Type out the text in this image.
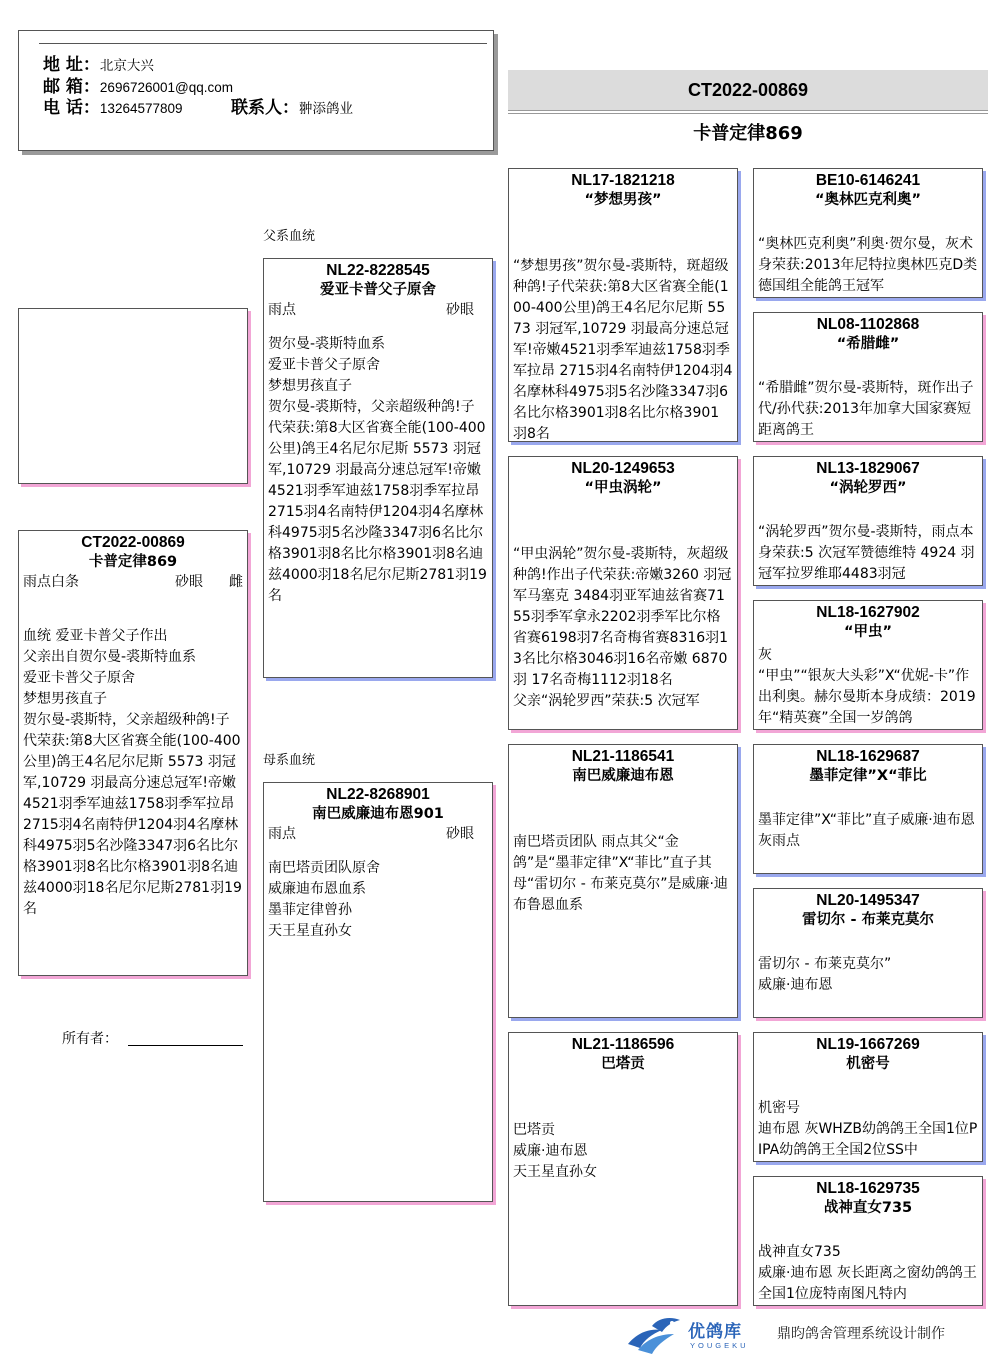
地 址：北京大兴
邮 箱：2696726001@qq.com
电 话：13264577809	联系人：翀添鸽业
CT2022-00869
卡普定律869
CT2022-00869
卡普定律869
雨点白条	砂眼 雌
血统 爱亚卡普父子作出
父亲出自贺尔曼-裘斯特血系
爱亚卡普父子原舍
梦想男孩直子
贺尔曼-裘斯特，父亲超级种鸽!子代荣获:第8大区省赛全能(100-400公里)鸽王4名尼尔尼斯 5573 羽冠军,10729 羽最高分速总冠军!帝嫩4521羽季军迪兹1758羽季军拉昂 2715羽4名南特伊1204羽4名摩林科4975羽5名沙隆3347羽6名比尔格3901羽8名比尔格3901羽8名迪兹4000羽18名尼尔尼斯2781羽19名
所有者：
父系血统
母系血统
NL22-8228545
爱亚卡普父子原舍
雨点	砂眼
贺尔曼-裘斯特血系
爱亚卡普父子原舍
梦想男孩直子
贺尔曼-裘斯特，父亲超级种鸽!子代荣获:第8大区省赛全能(100-400公里)鸽王4名尼尔尼斯 5573 羽冠军,10729 羽最高分速总冠军!帝嫩4521羽季军迪兹1758羽季军拉昂 2715羽4名南特伊1204羽4名摩林科4975羽5名沙隆3347羽6名比尔格3901羽8名比尔格3901羽8名迪兹4000羽18名尼尔尼斯2781羽19名
NL22-8268901
南巴威廉迪布恩901
雨点	砂眼
南巴塔贡团队原舍
威廉迪布恩血系
墨菲定律曾孙
天王星直孙女
NL17-1821218
“梦想男孩”
“梦想男孩”贺尔曼-裘斯特，斑超级种鸽!子代荣获:第8大区省赛全能(100-400公里)鸽王4名尼尔尼斯 5573 羽冠军,10729 羽最高分速总冠军!帝嫩4521羽季军迪兹1758羽季军拉昂 2715羽4名南特伊1204羽4名摩林科4975羽5名沙隆3347羽6名比尔格3901羽8名比尔格3901羽8名
NL20-1249653
“甲虫涡轮”
“甲虫涡轮”贺尔曼-裘斯特，灰超级种鸽!作出子代荣获:帝嫩3260 羽冠军马塞克 3484羽亚军迪兹省赛7155羽季军拿永2202羽季军比尔格省赛6198羽7名奇梅省赛8316羽13名比尔格3046羽16名帝嫩 6870 羽 17名奇梅1112羽18名
父亲“涡轮罗西”荣获:5 次冠军
NL21-1186541
南巴威廉迪布恩
南巴塔贡团队 雨点其父“金鸽”是“墨菲定律”X“菲比”直子其母“雷切尔 - 布莱克莫尔”是威廉·迪布鲁恩血系
NL21-1186596
巴塔贡
巴塔贡
威廉·迪布恩
天王星直孙女
BE10-6146241
“奥林匹克利奥”
“奥林匹克利奥”利奥·贺尔曼，灰术身荣获:2013年尼特拉奥林匹克D类德国组全能鸽王冠军
NL08-1102868
“希腊雌”
“希腊雌”贺尔曼-裘斯特，斑作出子代/孙代获:2013年加拿大国家赛短距离鸽王
NL13-1829067
“涡轮罗西”
“涡轮罗西”贺尔曼-裘斯特，雨点本身荣获:5 次冠军赞德维特 4924 羽冠军拉罗维耶4483羽冠
NL18-1627902
“甲虫”
灰
“甲虫”“银灰大头彩”X“优妮-卡”作出利奥。赫尔曼斯本身成绩：2019年“精英赛”全国一岁鸽鸽
NL18-1629687
墨菲定律”X“菲比
墨菲定律”X“菲比”直子威廉·迪布恩灰雨点
NL20-1495347
雷切尔 - 布莱克莫尔
雷切尔 - 布莱克莫尔”
威廉·迪布恩
NL19-1667269
机密号
机密号
迪布恩 灰WHZB幼鸽鸽王全国1位PIPA幼鸽鸽王全国2位SS中
NL18-1629735
战神直女735
战神直女735
威廉·迪布恩 灰长距离之窗幼鸽鸽王全国1位庞特南图凡特内
优鸽库
YOUGEKU
鼎昀鸽舍管理系统设计制作
